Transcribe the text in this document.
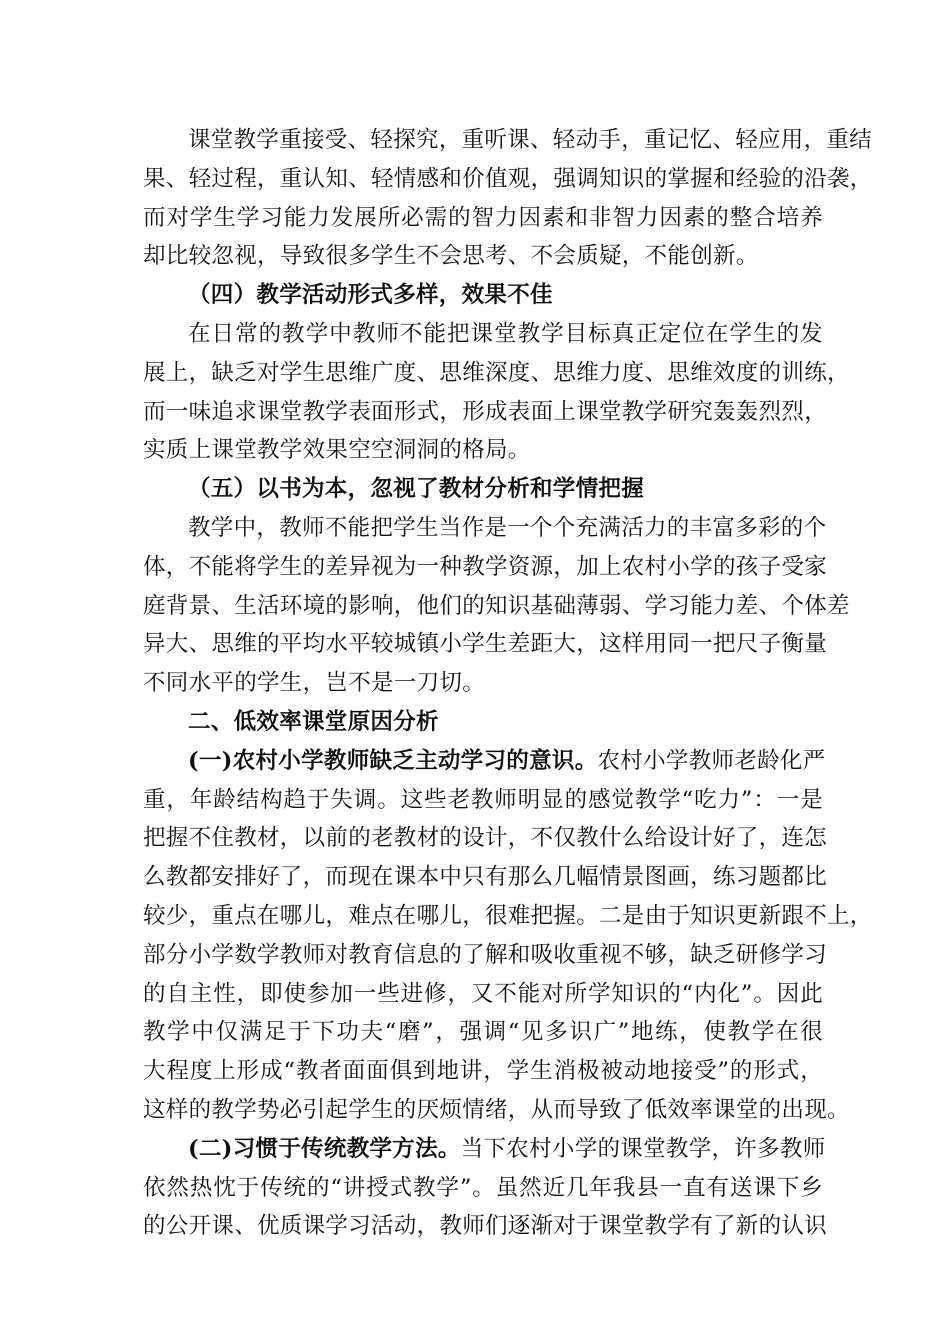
课堂教学重接受、轻探究，重听课、轻动手，重记忆、轻应用，重结
果、轻过程，重认知、轻情感和价值观，强调知识的掌握和经验的沿袭，
而对学生学习能力发展所必需的智力因素和非智力因素的整合培养
却比较忽视，导致很多学生不会思考、不会质疑，不能创新。
（四）教学活动形式多样，效果不佳
在日常的教学中教师不能把课堂教学目标真正定位在学生的发
展上，缺乏对学生思维广度、思维深度、思维力度、思维效度的训练，
而一味追求课堂教学表面形式，形成表面上课堂教学研究轰轰烈烈，
实质上课堂教学效果空空洞洞的格局。
（五）以书为本，忽视了教材分析和学情把握
教学中，教师不能把学生当作是一个个充满活力的丰富多彩的个
体，不能将学生的差异视为一种教学资源，加上农村小学的孩子受家
庭背景、生活环境的影响，他们的知识基础薄弱、学习能力差、个体差
异大、思维的平均水平较城镇小学生差距大，这样用同一把尺子衡量
不同水平的学生，岂不是一刀切。
二、低效率课堂原因分析
(一)农村小学教师缺乏主动学习的意识。农村小学教师老龄化严
重，年龄结构趋于失调。这些老教师明显的感觉教学“吃力”：一是
把握不住教材，以前的老教材的设计，不仅教什么给设计好了，连怎
么教都安排好了，而现在课本中只有那么几幅情景图画，练习题都比
较少，重点在哪儿，难点在哪儿，很难把握。二是由于知识更新跟不上，
部分小学数学教师对教育信息的了解和吸收重视不够，缺乏研修学习
的自主性，即使参加一些进修，又不能对所学知识的“内化”。因此
教学中仅满足于下功夫“磨”，强调“见多识广”地练，使教学在很
大程度上形成“教者面面俱到地讲，学生消极被动地接受”的形式，
这样的教学势必引起学生的厌烦情绪，从而导致了低效率课堂的出现。
(二)习惯于传统教学方法。当下农村小学的课堂教学，许多教师
依然热忱于传统的“讲授式教学”。虽然近几年我县一直有送课下乡
的公开课、优质课学习活动，教师们逐渐对于课堂教学有了新的认识
